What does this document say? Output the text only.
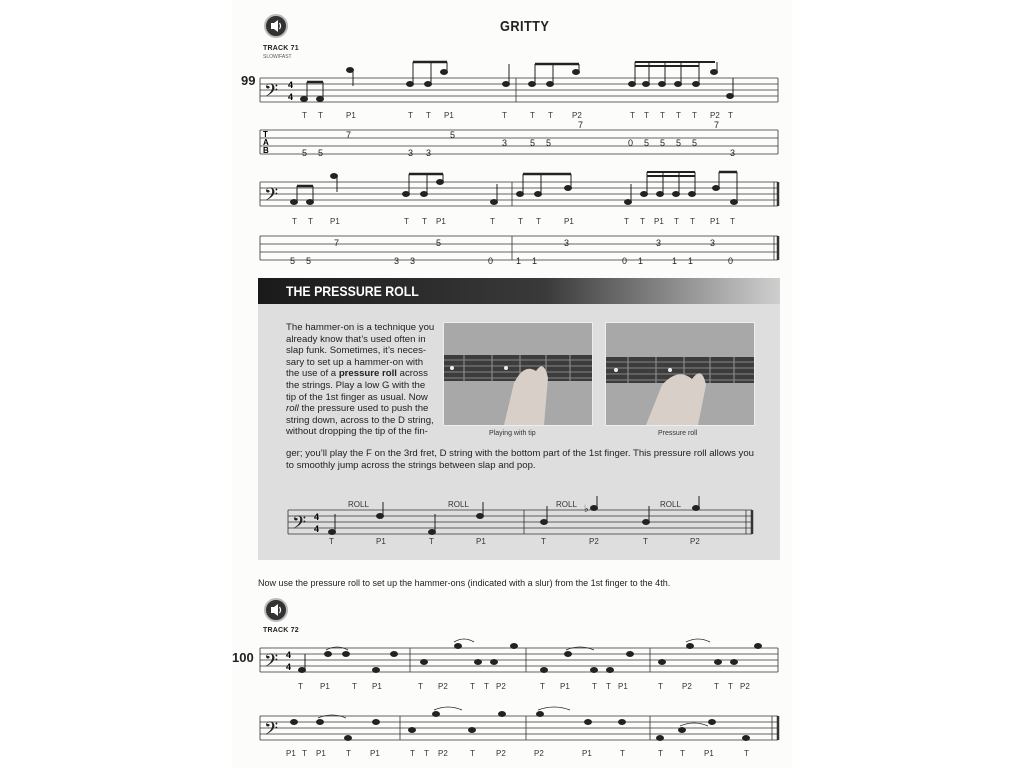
GRITTY
TRACK 71
SLOW/FAST
99 𝄢 4
4
T
A
B
T T	P1	T T P1	T	T T P2	T T T T T P2 T
7	7
7	5
3
5 5	3 3
5 5	0 5 5 5 5
3
𝄢
T T P1	T T P1	T	T T	P1	T T P1 T T P1 T
7	5	3	3	3
5 5	3 3	0	1 1	0 1	1 1	0
THE PRESSURE ROLL
The hammer-on is a technique you
already know that’s used often in
slap funk. Sometimes, it’s neces-
sary to set up a hammer-on with
the use of a pressure roll across
the strings. Play a low G with the
tip of the 1st finger as usual. Now
roll the pressure used to push the
string down, across to the D string,
without dropping the tip of the fin-
ger; you’ll play the F on the 3rd fret, D string with the bottom part of the 1st finger. This pressure roll allows you
to smoothly jump across the strings between slap and pop.
Playing with tip	Pressure roll
𝄢 4
4
♭
ROLL	ROLL	ROLL	ROLL
T	P1	T	P1	T	P2	T	P2
Now use the pressure roll to set up the hammer-ons (indicated with a slur) from the 1st finger to the 4th.
TRACK 72
100 𝄢 4
4
𝄢
T P1	T P1	T P2	T T P2	T P1	T T P1	T P2	T T P2
P1 T P1	T P1	T T P2	T	P2	P2	P1	T	T T P1	T
